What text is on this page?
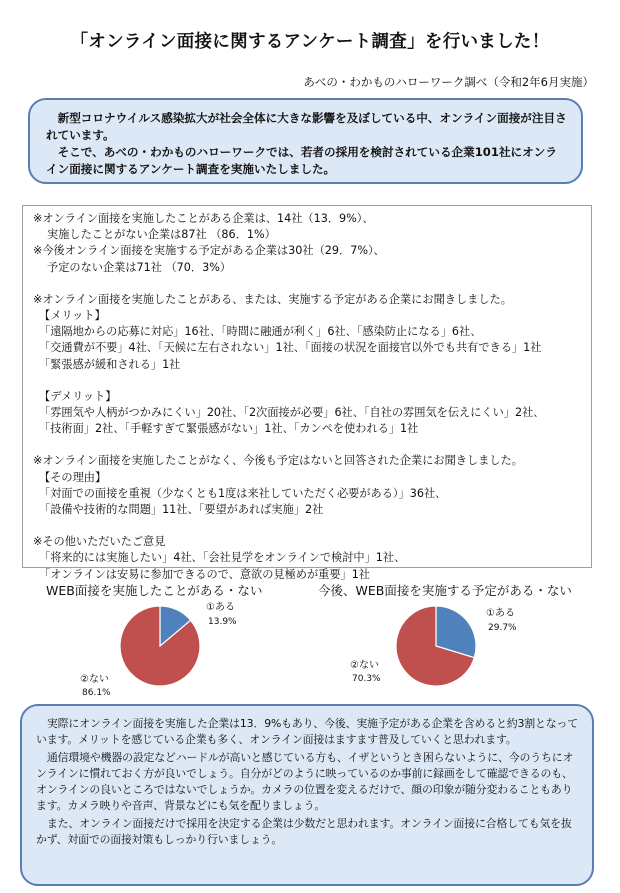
「オンライン面接に関するアンケート調査」を行いました！
あべの・わかものハローワーク調べ（令和2年6月実施）

新型コロナウイルス感染拡大が社会全体に大きな影響を及ぼしている中、オンライン面接が注目されています。

そこで、あべの・わかものハローワークでは、若者の採用を検討されている企業101社にオンライン面接に関するアンケート調査を実施いたしました。

※オンライン面接を実施したことがある企業は、14社（13．9%）、
実施したことがない企業は87社 （86．1%）
※今後オンライン面接を実施する予定がある企業は30社（29．7%）、
予定のない企業は71社 （70．3%）
※オンライン面接を実施したことがある、または、実施する予定がある企業にお聞きしました。
【メリット】
「遠隔地からの応募に対応」16社、「時間に融通が利く」6社、「感染防止になる」6社、
「交通費が不要」4社、「天候に左右されない」1社、「面接の状況を面接官以外でも共有できる」1社
「緊張感が緩和される」1社
【デメリット】
「雰囲気や人柄がつかみにくい」20社、「2次面接が必要」6社、「自社の雰囲気を伝えにくい」2社、
「技術面」2社、「手軽すぎて緊張感がない」1社、「カンペを使われる」1社
※オンライン面接を実施したことがなく、今後も予定はないと回答された企業にお聞きしました。
【その理由】
「対面での面接を重視（少なくとも1度は来社していただく必要がある）」36社、
「設備や技術的な問題」11社、「要望があれば実施」2社
※その他いただいたご意見
「将来的には実施したい」4社、「会社見学をオンラインで検討中」1社、
「オンラインは安易に参加できるので、意欲の見極めが重要」1社
WEB面接を実施したことがある・ない	今後、WEB面接を実施する予定がある・ない
①ある
13.9%
②ない
86.1%
①ある
29.7%
②ない
70.3%

実際にオンライン面接を実施した企業は13．9%もあり、今後、実施予定がある企業を含めると約3割となっています。メリットを感じている企業も多く、オンライン面接はますます普及していくと思われます。

通信環境や機器の設定などハードルが高いと感じている方も、イザというとき困らないように、今のうちにオンラインに慣れておく方が良いでしょう。自分がどのように映っているのか事前に録画をして確認できるのも、オンラインの良いところではないでしょうか。カメラの位置を変えるだけで、顔の印象が随分変わることもあります。カメラ映りや音声、背景などにも気を配りましょう。

また、オンライン面接だけで採用を決定する企業は少数だと思われます。オンライン面接に合格しても気を抜かず、対面での面接対策もしっかり行いましょう。
